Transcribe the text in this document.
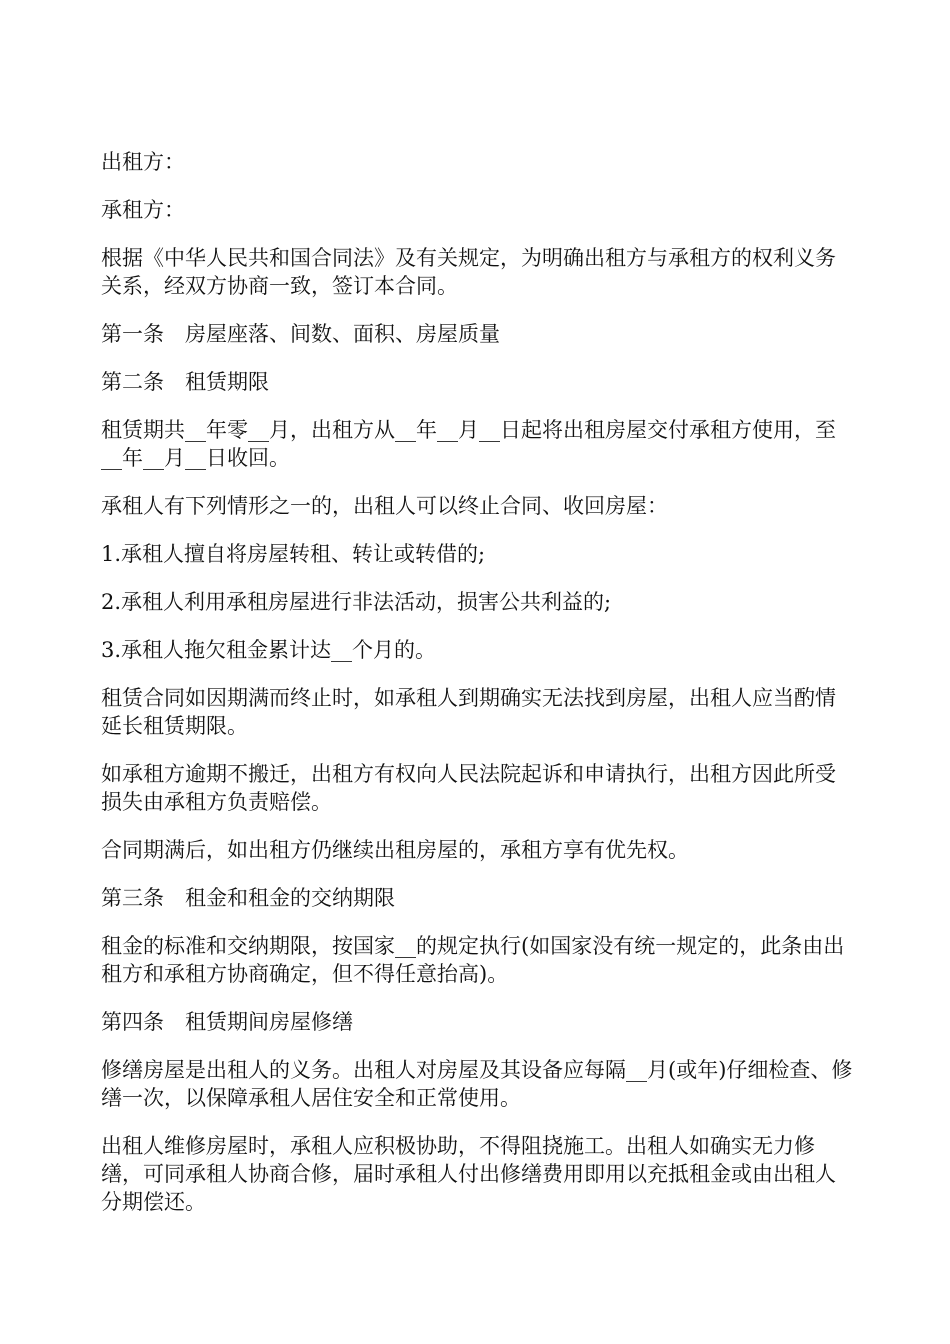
出租方：

承租方：

根据《中华人民共和国合同法》及有关规定，为明确出租方与承租方的权利义务关系，经双方协商一致，签订本合同。

第一条　房屋座落、间数、面积、房屋质量

第二条　租赁期限

租赁期共__年零__月，出租方从__年__月__日起将出租房屋交付承租方使用，至__年__月__日收回。

承租人有下列情形之一的，出租人可以终止合同、收回房屋：

1.承租人擅自将房屋转租、转让或转借的;

2.承租人利用承租房屋进行非法活动，损害公共利益的;

3.承租人拖欠租金累计达__个月的。

租赁合同如因期满而终止时，如承租人到期确实无法找到房屋，出租人应当酌情延长租赁期限。

如承租方逾期不搬迁，出租方有权向人民法院起诉和申请执行，出租方因此所受损失由承租方负责赔偿。

合同期满后，如出租方仍继续出租房屋的，承租方享有优先权。

第三条　租金和租金的交纳期限

租金的标准和交纳期限，按国家__的规定执行(如国家没有统一规定的，此条由出租方和承租方协商确定，但不得任意抬高)。

第四条　租赁期间房屋修缮

修缮房屋是出租人的义务。出租人对房屋及其设备应每隔__月(或年)仔细检查、修缮一次，以保障承租人居住安全和正常使用。

出租人维修房屋时，承租人应积极协助，不得阻挠施工。出租人如确实无力修缮，可同承租人协商合修，届时承租人付出修缮费用即用以充抵租金或由出租人分期偿还。
